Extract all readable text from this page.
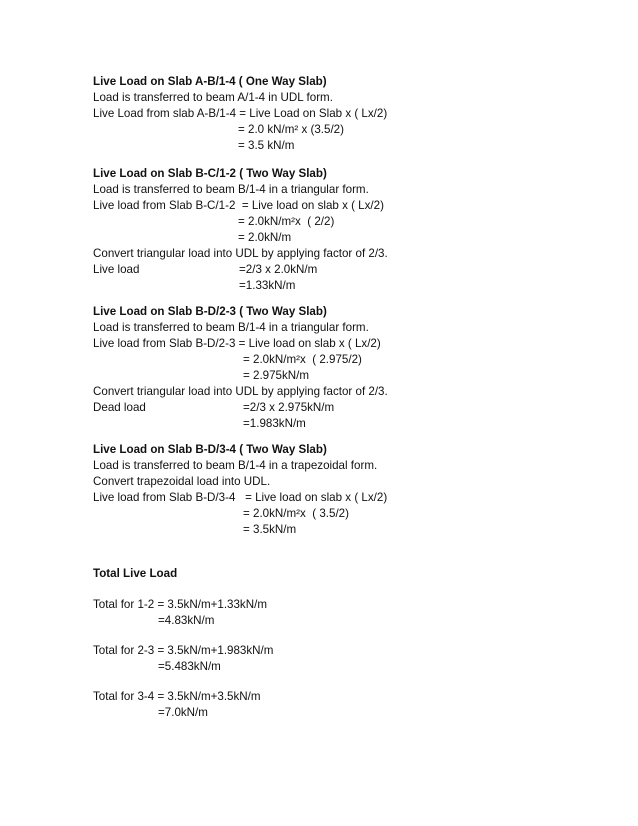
Live Load on Slab A-B/1-4 ( One Way Slab)
Load is transferred to beam A/1-4 in UDL form.
Live Load from slab A-B/1-4 = Live Load on Slab x ( Lx/2)
= 2.0 kN/m² x (3.5/2)
= 3.5 kN/m
Live Load on Slab B-C/1-2 ( Two Way Slab)
Load is transferred to beam B/1-4 in a triangular form.
Live load from Slab B-C/1-2  = Live load on slab x ( Lx/2)
= 2.0kN/m²x  ( 2/2)
= 2.0kN/m
Convert triangular load into UDL by applying factor of 2/3.
Live load	=2/3 x 2.0kN/m
=1.33kN/m
Live Load on Slab B-D/2-3 ( Two Way Slab)
Load is transferred to beam B/1-4 in a triangular form.
Live load from Slab B-D/2-3 = Live load on slab x ( Lx/2)
= 2.0kN/m²x  ( 2.975/2)
= 2.975kN/m
Convert triangular load into UDL by applying factor of 2/3.
Dead load	=2/3 x 2.975kN/m
=1.983kN/m
Live Load on Slab B-D/3-4 ( Two Way Slab)
Load is transferred to beam B/1-4 in a trapezoidal form.
Convert trapezoidal load into UDL.
Live load from Slab B-D/3-4   = Live load on slab x ( Lx/2)
= 2.0kN/m²x  ( 3.5/2)
= 3.5kN/m
Total Live Load
Total for 1-2 = 3.5kN/m+1.33kN/m
=4.83kN/m
Total for 2-3 = 3.5kN/m+1.983kN/m
=5.483kN/m
Total for 3-4 = 3.5kN/m+3.5kN/m
=7.0kN/m
